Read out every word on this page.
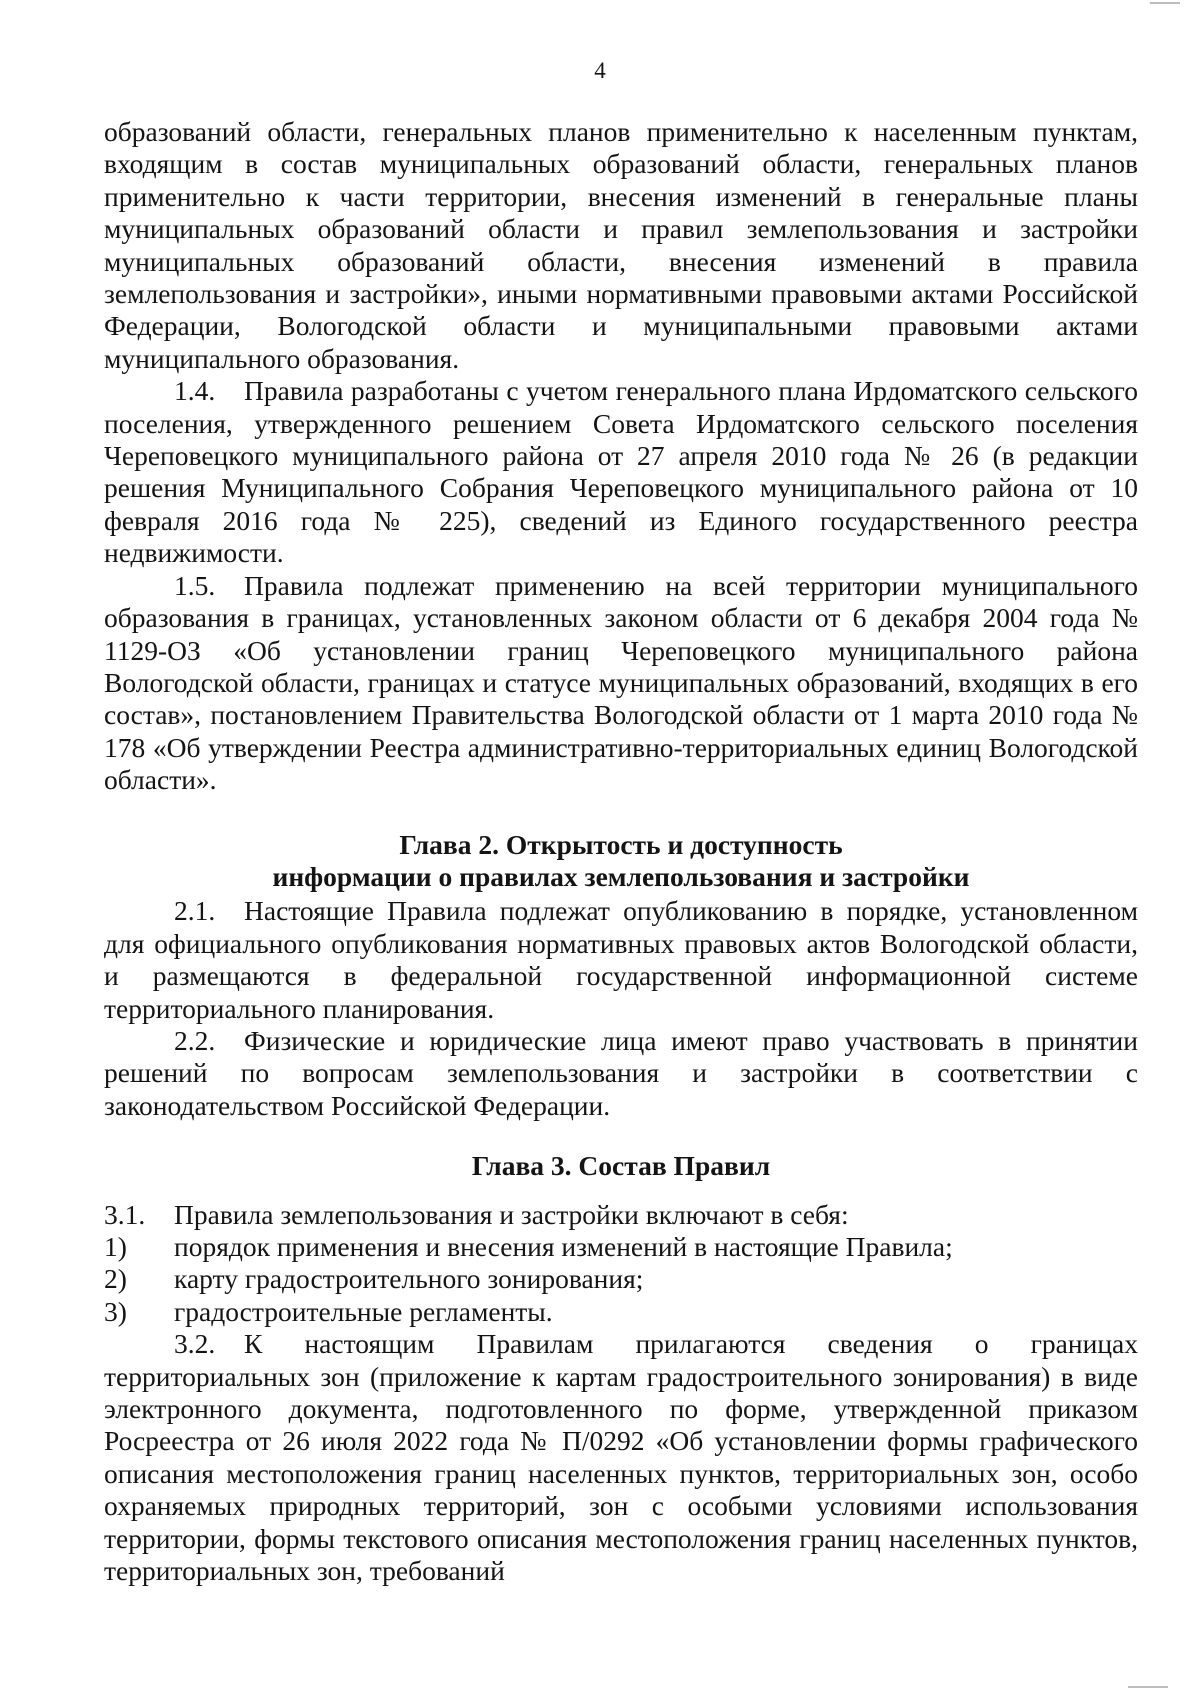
4

образований области, генеральных планов применительно к населенным пунктам, входящим в состав муниципальных образований области, генеральных планов применительно к части территории, внесения изменений в генеральные планы муниципальных образований области и правил землепользования и застройки муниципальных образований области, внесения изменений в правила землепользования и застройки», иными нормативными правовыми актами Российской Федерации, Вологодской области и муниципальными правовыми актами муниципального образования.

1.4. Правила разработаны с учетом генерального плана Ирдоматского сельского поселения, утвержденного решением Совета Ирдоматского сельского поселения Череповецкого муниципального района от 27 апреля 2010 года № 26 (в редакции решения Муниципального Собрания Череповецкого муниципального района от 10 февраля 2016 года № 225), сведений из Единого государственного реестра недвижимости.

1.5. Правила подлежат применению на всей территории муниципального образования в границах, установленных законом области от 6 декабря 2004 года № 1129-ОЗ «Об установлении границ Череповецкого муниципального района Вологодской области, границах и статусе муниципальных образований, входящих в его состав», постановлением Правительства Вологодской области от 1 марта 2010 года № 178 «Об утверждении Реестра административно-территориальных единиц Вологодской области».

Глава 2. Открытость и доступность
информации о правилах землепользования и застройки

2.1. Настоящие Правила подлежат опубликованию в порядке, установленном для официального опубликования нормативных правовых актов Вологодской области, и размещаются в федеральной государственной информационной системе территориального планирования.

2.2. Физические и юридические лица имеют право участвовать в принятии решений по вопросам землепользования и застройки в соответствии с законодательством Российской Федерации.

Глава 3. Состав Правил

3.1. Правила землепользования и застройки включают в себя:

1) порядок применения и внесения изменений в настоящие Правила;

2) карту градостроительного зонирования;

3) градостроительные регламенты.

3.2. К настоящим Правилам прилагаются сведения о границах территориальных зон (приложение к картам градостроительного зонирования) в виде электронного документа, подготовленного по форме, утвержденной приказом Росреестра от 26 июля 2022 года № П/0292 «Об установлении формы графического описания местоположения границ населенных пунктов, территориальных зон, особо охраняемых природных территорий, зон с особыми условиями использования территории, формы текстового описания местоположения границ населенных пунктов, территориальных зон, требований
